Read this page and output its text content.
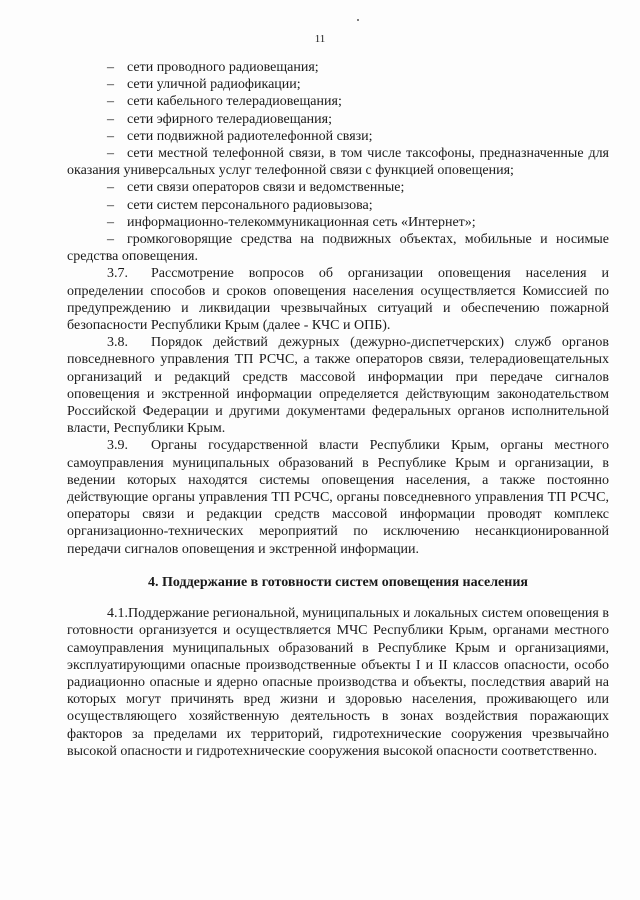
11
– сети проводного радиовещания;
– сети уличной радиофикации;
– сети кабельного телерадиовещания;
– сети эфирного телерадиовещания;
– сети подвижной радиотелефонной связи;
– сети местной телефонной связи, в том числе таксофоны, предназначенные для оказания универсальных услуг телефонной связи с функцией оповещения;
– сети связи операторов связи и ведомственные;
– сети систем персонального радиовызова;
– информационно-телекоммуникационная сеть «Интернет»;
– громкоговорящие средства на подвижных объектах, мобильные и носимые средства оповещения.
3.7. Рассмотрение вопросов об организации оповещения населения и определении способов и сроков оповещения населения осуществляется Комиссией по предупреждению и ликвидации чрезвычайных ситуаций и обеспечению пожарной безопасности Республики Крым (далее - КЧС и ОПБ).
3.8. Порядок действий дежурных (дежурно-диспетчерских) служб органов повседневного управления ТП РСЧС, а также операторов связи, телерадиовещательных организаций и редакций средств массовой информации при передаче сигналов оповещения и экстренной информации определяется действующим законодательством Российской Федерации и другими документами федеральных органов исполнительной власти, Республики Крым.
3.9. Органы государственной власти Республики Крым, органы местного самоуправления муниципальных образований в Республике Крым и организации, в ведении которых находятся системы оповещения населения, а также постоянно действующие органы управления ТП РСЧС, органы повседневного управления ТП РСЧС, операторы связи и редакции средств массовой информации проводят комплекс организационно-технических мероприятий по исключению несанкционированной передачи сигналов оповещения и экстренной информации.
4. Поддержание в готовности систем оповещения населения
4.1.Поддержание региональной, муниципальных и локальных систем оповещения в готовности организуется и осуществляется МЧС Республики Крым, органами местного самоуправления муниципальных образований в Республике Крым и организациями, эксплуатирующими опасные производственные объекты I и II классов опасности, особо радиационно опасные и ядерно опасные производства и объекты, последствия аварий на которых могут причинять вред жизни и здоровью населения, проживающего или осуществляющего хозяйственную деятельность в зонах воздействия поражающих факторов за пределами их территорий, гидротехнические сооружения чрезвычайно высокой опасности и гидротехнические сооружения высокой опасности соответственно.
